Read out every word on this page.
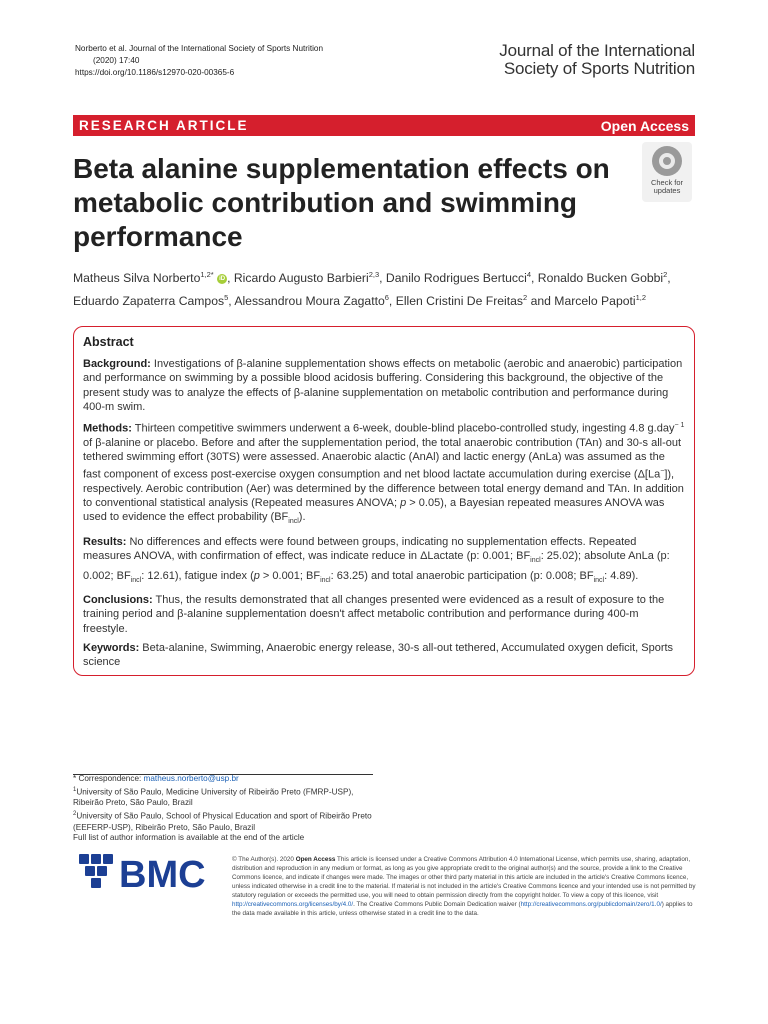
Norberto et al. Journal of the International Society of Sports Nutrition
(2020) 17:40
https://doi.org/10.1186/s12970-020-00365-6
Journal of the International
Society of Sports Nutrition
RESEARCH ARTICLE	Open Access
Beta alanine supplementation effects on metabolic contribution and swimming performance
Check for
updates
Matheus Silva Norberto$^{1,2*}$ iD , Ricardo Augusto Barbieri$^{2,3}$, Danilo Rodrigues Bertucci$^4$, Ronaldo Bucken Gobbi$^2$, Eduardo Zapaterra Campos$^5$, Alessandrou Moura Zagatto$^6$, Ellen Cristini De Freitas$^2$ and Marcelo Papoti$^{1,2}$
Abstract

Background: Investigations of β-alanine supplementation shows effects on metabolic (aerobic and anaerobic) participation and performance on swimming by a possible blood acidosis buffering. Considering this background, the objective of the present study was to analyze the effects of β-alanine supplementation on metabolic contribution and performance during 400-m swim.

Methods: Thirteen competitive swimmers underwent a 6-week, double-blind placebo-controlled study, ingesting 4.8 g.day$^{- 1}$ of β-alanine or placebo. Before and after the supplementation period, the total anaerobic contribution (TAn) and 30-s all-out tethered swimming effort (30TS) were assessed. Anaerobic alactic (AnAl) and lactic energy (AnLa) was assumed as the fast component of excess post-exercise oxygen consumption and net blood lactate accumulation during exercise (Δ[La−]), respectively. Aerobic contribution (Aer) was determined by the difference between total energy demand and TAn. In addition to conventional statistical analysis (Repeated measures ANOVA; p > 0.05), a Bayesian repeated measures ANOVA was used to evidence the effect probability $(BF_{incl})$.

Results: No differences and effects were found between groups, indicating no supplementation effects. Repeated measures ANOVA, with confirmation of effect, was indicate reduce in ΔLactate (p: 0.001; $BF_{incl}$: 25.02); absolute AnLa (p: 0.002; $BF_{incl}$: 12.61), fatigue index (p > 0.001; $BF_{incl}$: 63.25) and total anaerobic participation (p: 0.008; $BF_{incl}$: 4.89).

Conclusions: Thus, the results demonstrated that all changes presented were evidenced as a result of exposure to the training period and β-alanine supplementation doesn't affect metabolic contribution and performance during 400-m freestyle.

Keywords: Beta-alanine, Swimming, Anaerobic energy release, 30-s all-out tethered, Accumulated oxygen deficit, Sports science

* Correspondence: matheus.norberto@usp.br
$^1$University of São Paulo, Medicine University of Ribeirão Preto (FMRP-USP), Ribeirão Preto, São Paulo, Brazil
$^2$University of São Paulo, School of Physical Education and sport of Ribeirão Preto (EEFERP-USP), Ribeirão Preto, São Paulo, Brazil
Full list of author information is available at the end of the article
BMC	© The Author(s). 2020 Open Access This article is licensed under a Creative Commons Attribution 4.0 International License, which permits use, sharing, adaptation, distribution and reproduction in any medium or format, as long as you give appropriate credit to the original author(s) and the source, provide a link to the Creative Commons licence, and indicate if changes were made. The images or other third party material in this article are included in the article's Creative Commons licence, unless indicated otherwise in a credit line to the material. If material is not included in the article's Creative Commons licence and your intended use is not permitted by statutory regulation or exceeds the permitted use, you will need to obtain permission directly from the copyright holder. To view a copy of this licence, visit http://creativecommons.org/licenses/by/4.0/. The Creative Commons Public Domain Dedication waiver (http://creativecommons.org/publicdomain/zero/1.0/) applies to the data made available in this article, unless otherwise stated in a credit line to the data.
